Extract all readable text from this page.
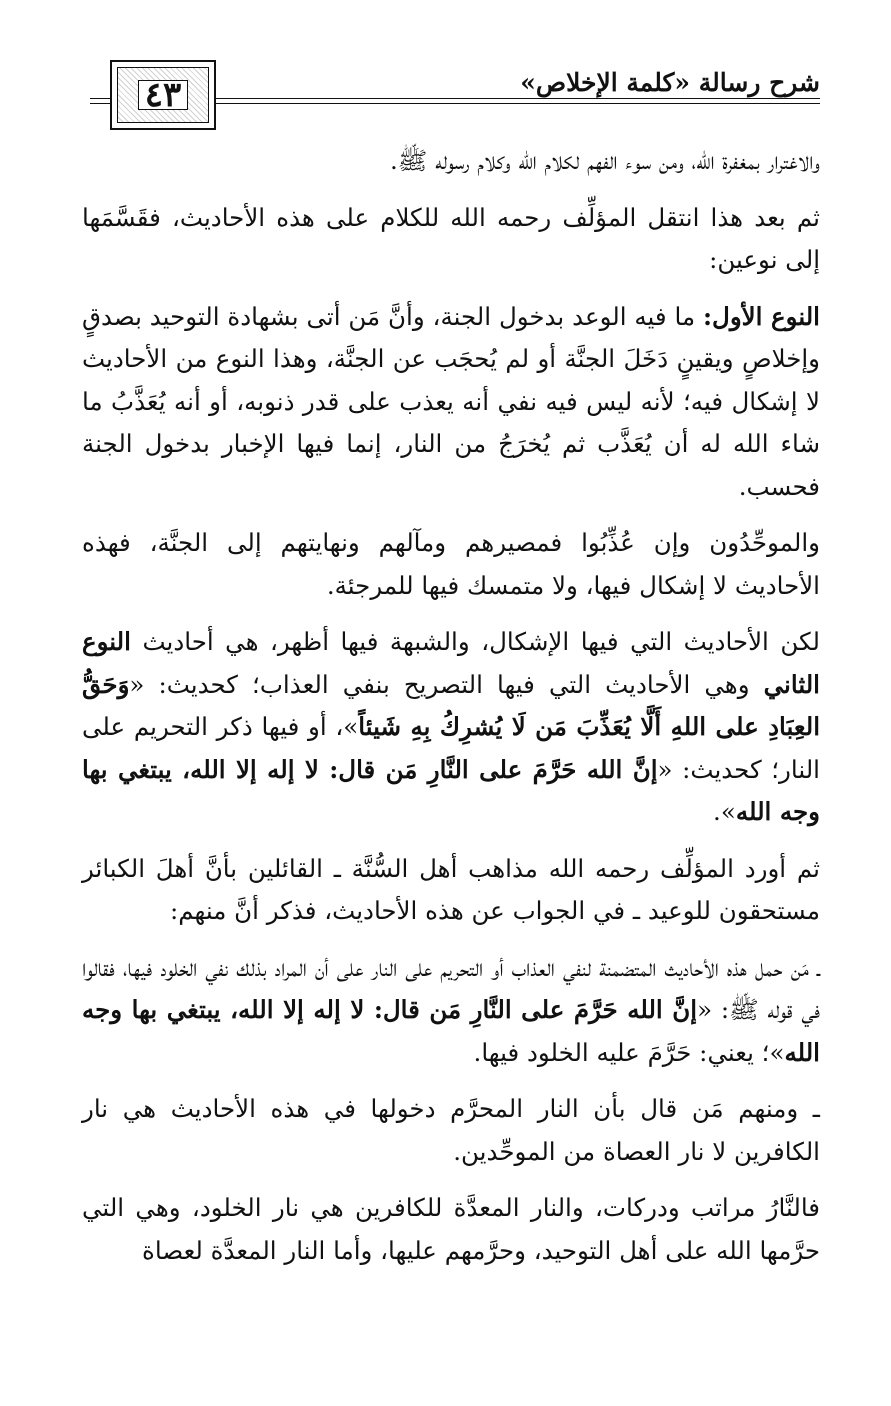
شرح رسالة «كلمة الإخلاص»
٤٣

والاغترار بمغفرة الله، ومن سوء الفهم لكلام الله وكلام رسوله ﷺ.

ثم بعد هذا انتقل المؤلِّف رحمه الله للكلام على هذه الأحاديث، فقَسَّمَها إلى نوعين:

النوع الأول: ما فيه الوعد بدخول الجنة، وأنَّ مَن أتى بشهادة التوحيد بصدقٍ وإخلاصٍ ويقينٍ دَخَلَ الجنَّة أو لم يُحجَب عن الجنَّة، وهذا النوع من الأحاديث لا إشكال فيه؛ لأنه ليس فيه نفي أنه يعذب على قدر ذنوبه، أو أنه يُعَذَّبُ ما شاء الله له أن يُعَذَّب ثم يُخرَجُ من النار، إنما فيها الإخبار بدخول الجنة فحسب.

والموحِّدُون وإن عُذِّبُوا فمصيرهم ومآلهم ونهايتهم إلى الجنَّة، فهذه الأحاديث لا إشكال فيها، ولا متمسك فيها للمرجئة.

لكن الأحاديث التي فيها الإشكال، والشبهة فيها أظهر، هي أحاديث النوع الثاني وهي الأحاديث التي فيها التصريح بنفي العذاب؛ كحديث: «وَحَقُّ العِبَادِ على اللهِ أَلَّا يُعَذِّبَ مَن لَا يُشرِكُ بِهِ شَيئاً»، أو فيها ذكر التحريم على النار؛ كحديث: «إنَّ الله حَرَّمَ على النَّارِ مَن قال: لا إله إلا الله، يبتغي بها وجه الله».

ثم أورد المؤلِّف رحمه الله مذاهب أهل السُّنَّة ـ القائلين بأنَّ أهلَ الكبائر مستحقون للوعيد ـ في الجواب عن هذه الأحاديث، فذكر أنَّ منهم:

ـ مَن حمل هذه الأحاديث المتضمنة لنفي العذاب أو التحريم على النار على أن المراد بذلك نفي الخلود فيها، فقالوا في قوله ﷺ: «إنَّ الله حَرَّمَ على النَّارِ مَن قال: لا إله إلا الله، يبتغي بها وجه الله»؛ يعني: حَرَّمَ عليه الخلود فيها.

ـ ومنهم مَن قال بأن النار المحرَّم دخولها في هذه الأحاديث هي نار الكافرين لا نار العصاة من الموحِّدين.

فالنَّارُ مراتب ودركات، والنار المعدَّة للكافرين هي نار الخلود، وهي التي حرَّمها الله على أهل التوحيد، وحرَّمهم عليها، وأما النار المعدَّة لعصاة
